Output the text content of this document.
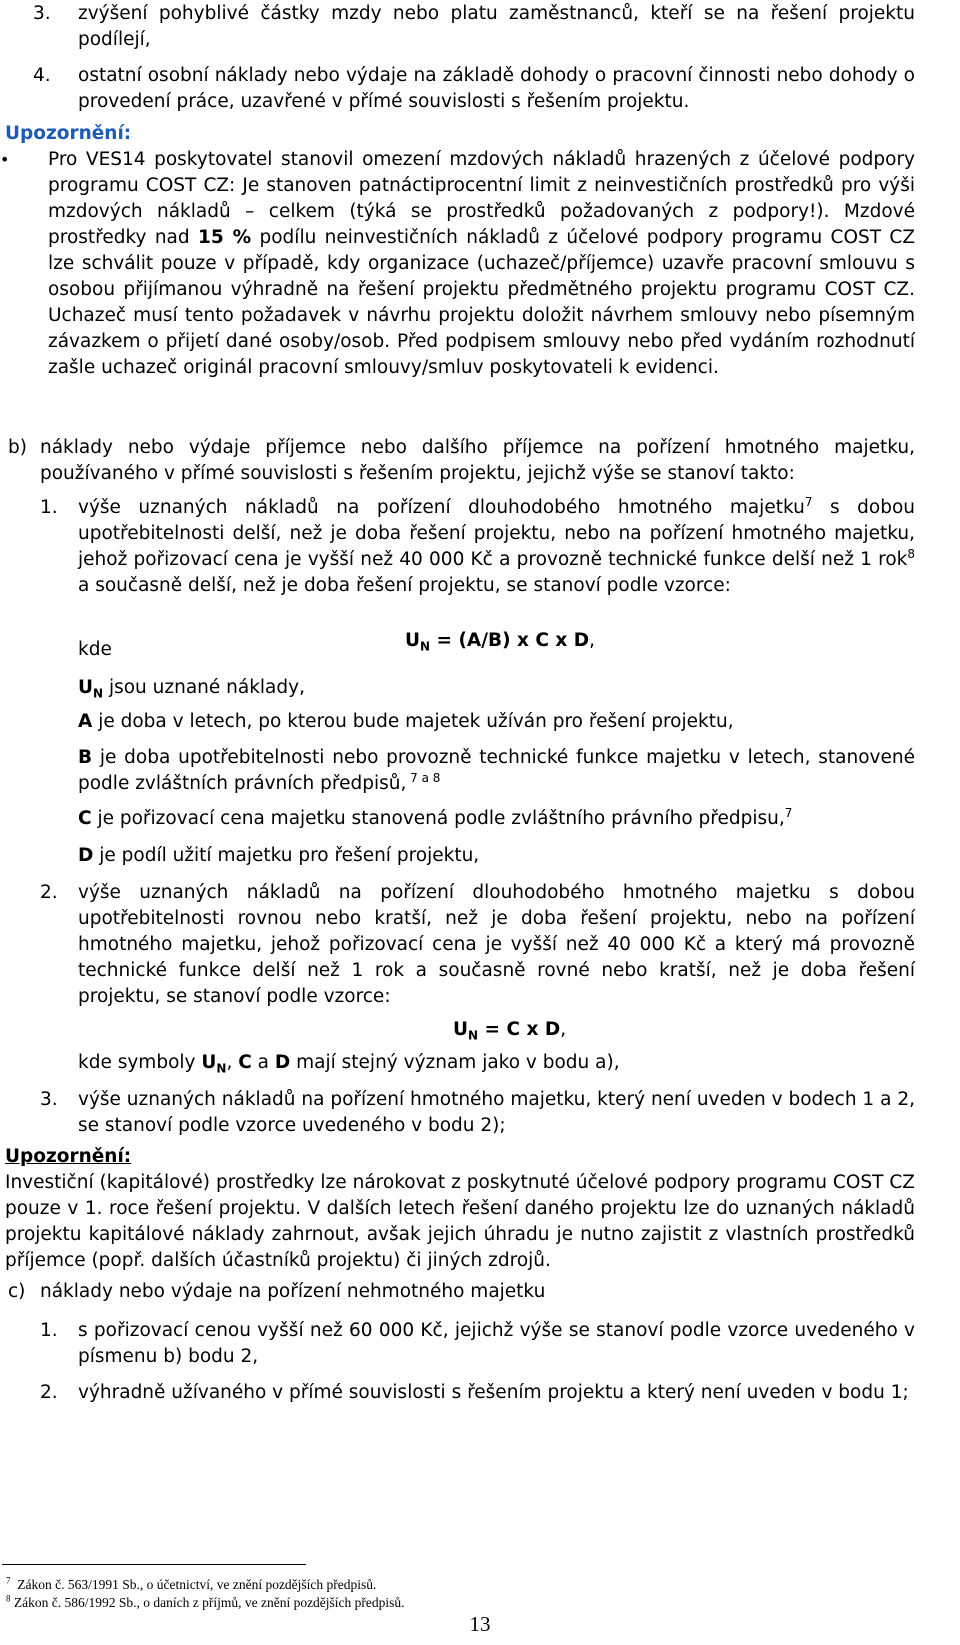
3. zvýšení pohyblivé částky mzdy nebo platu zaměstnanců, kteří se na řešení projektu podílejí,

4. ostatní osobní náklady nebo výdaje na základě dohody o pracovní činnosti nebo dohody o provedení práce, uzavřené v přímé souvislosti s řešením projektu.

Upozornění:
• Pro VES14 poskytovatel stanovil omezení mzdových nákladů hrazených z účelové podpory programu COST CZ: Je stanoven patnáctiprocentní limit z neinvestičních prostředků pro výši mzdových nákladů – celkem (týká se prostředků požadovaných z podpory!). Mzdové prostředky nad 15 % podílu neinvestičních nákladů z účelové podpory programu COST CZ lze schválit pouze v případě, kdy organizace (uchazeč/příjemce) uzavře pracovní smlouvu s osobou přijímanou výhradně na řešení projektu předmětného projektu programu COST CZ. Uchazeč musí tento požadavek v návrhu projektu doložit návrhem smlouvy nebo písemným závazkem o přijetí dané osoby/osob. Před podpisem smlouvy nebo před vydáním rozhodnutí zašle uchazeč originál pracovní smlouvy/smluv poskytovateli k evidenci.

b) náklady nebo výdaje příjemce nebo dalšího příjemce na pořízení hmotného majetku, používaného v přímé souvislosti s řešením projektu, jejichž výše se stanoví takto:

1. výše uznaných nákladů na pořízení dlouhodobého hmotného majetku$^7$ s dobou upotřebitelnosti delší, než je doba řešení projektu, nebo na pořízení hmotného majetku, jehož pořizovací cena je vyšší než 40 000 Kč a provozně technické funkce delší než 1 rok$^8$ a současně delší, než je doba řešení projektu, se stanoví podle vzorce:

$U_N = (A/B)$ x C x D,
kde
$U_N$ jsou uznané náklady,
A je doba v letech, po kterou bude majetek užíván pro řešení projektu,

B je doba upotřebitelnosti nebo provozně technické funkce majetku v letech, stanovené podle zvláštních právních předpisů, $^{7 a 8}$

C je pořizovací cena majetku stanovená podle zvláštního právního předpisu,$^7$
D je podíl užití majetku pro řešení projektu,
2. výše uznaných nákladů na pořízení dlouhodobého hmotného majetku s dobou upotřebitelnosti rovnou nebo kratší, než je doba řešení projektu, nebo na pořízení hmotného majetku, jehož pořizovací cena je vyšší než 40 000 Kč a který má provozně technické funkce delší než 1 rok a současně rovné nebo kratší, než je doba řešení projektu, se stanoví podle vzorce:

$U_N = C$ x D,
kde symboly $U_N$, C a D mají stejný význam jako v bodu a),
3. výše uznaných nákladů na pořízení hmotného majetku, který není uveden v bodech 1 a 2, se stanoví podle vzorce uvedeného v bodu 2);

Upozornění:

Investiční (kapitálové) prostředky lze nárokovat z poskytnuté účelové podpory programu COST CZ pouze v 1. roce řešení projektu. V dalších letech řešení daného projektu lze do uznaných nákladů projektu kapitálové náklady zahrnout, avšak jejich úhradu je nutno zajistit z vlastních prostředků příjemce (popř. dalších účastníků projektu) či jiných zdrojů.

c) náklady nebo výdaje na pořízení nehmotného majetku

1. s pořizovací cenou vyšší než 60 000 Kč, jejichž výše se stanoví podle vzorce uvedeného v písmenu b) bodu 2,

2. výhradně užívaného v přímé souvislosti s řešením projektu a který není uveden v bodu 1;

$^7$ Zákon č. 563/1991 Sb., o účetnictví, ve znění pozdějších předpisů.
$^8$ Zákon č. 586/1992 Sb., o daních z příjmů, ve znění pozdějších předpisů.
13
